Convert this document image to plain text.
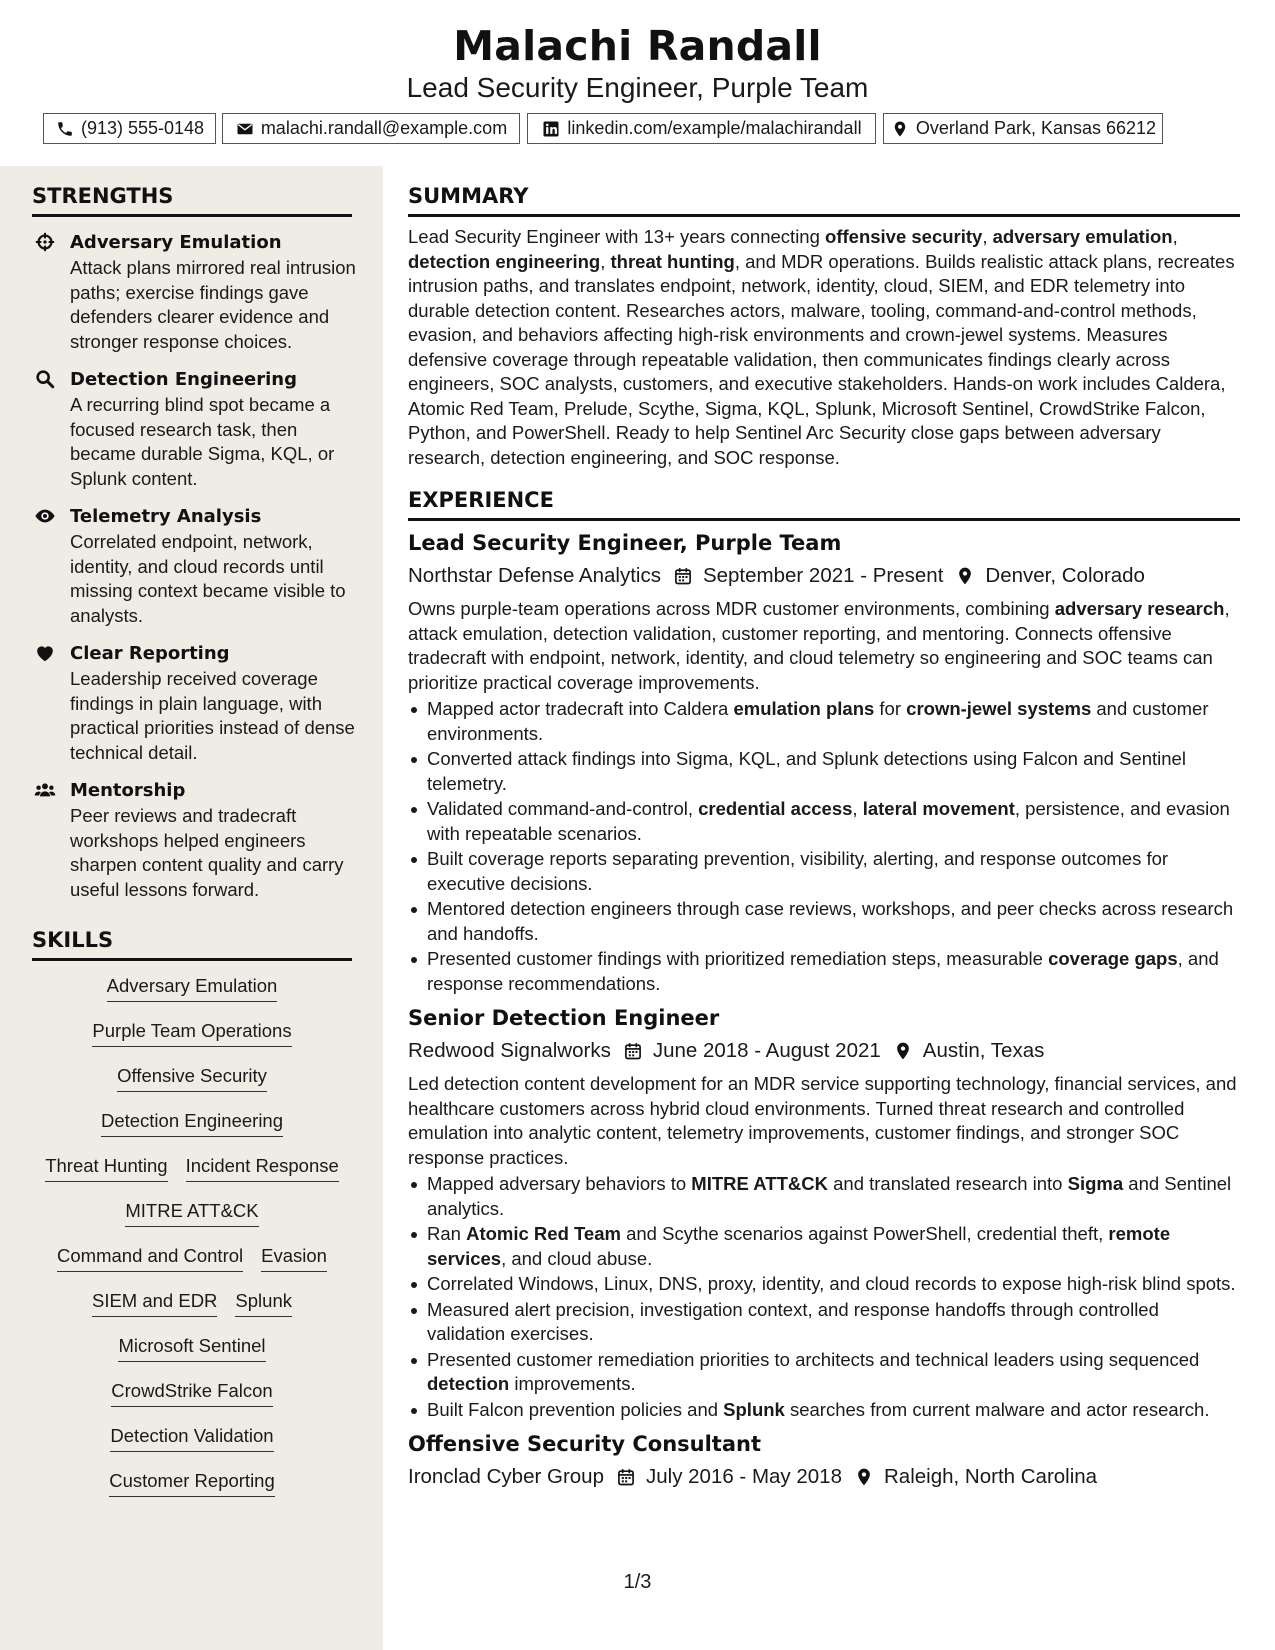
Malachi Randall
Lead Security Engineer, Purple Team
(913) 555-0148	malachi.randall@example.com	linkedin.com/example/malachirandall	Overland Park, Kansas 66212
STRENGTHS
Adversary Emulation
Attack plans mirrored real intrusion paths; exercise findings gave defenders clearer evidence and stronger response choices.
Detection Engineering
A recurring blind spot became a focused research task, then became durable Sigma, KQL, or Splunk content.
Telemetry Analysis
Correlated endpoint, network, identity, and cloud records until missing context became visible to analysts.
Clear Reporting
Leadership received coverage findings in plain language, with practical priorities instead of dense technical detail.
Mentorship
Peer reviews and tradecraft workshops helped engineers sharpen content quality and carry useful lessons forward.
SKILLS
Adversary Emulation
Purple Team Operations
Offensive Security
Detection Engineering
Threat Hunting Incident Response
MITRE ATT&CK
Command and Control Evasion
SIEM and EDR Splunk
Microsoft Sentinel
CrowdStrike Falcon
Detection Validation
Customer Reporting
SUMMARY
Lead Security Engineer with 13+ years connecting offensive security, adversary emulation, detection engineering, threat hunting, and MDR operations. Builds realistic attack plans, recreates intrusion paths, and translates endpoint, network, identity, cloud, SIEM, and EDR telemetry into durable detection content. Researches actors, malware, tooling, command-and-control methods, evasion, and behaviors affecting high-risk environments and crown-jewel systems. Measures defensive coverage through repeatable validation, then communicates findings clearly across engineers, SOC analysts, customers, and executive stakeholders. Hands-on work includes Caldera, Atomic Red Team, Prelude, Scythe, Sigma, KQL, Splunk, Microsoft Sentinel, CrowdStrike Falcon, Python, and PowerShell. Ready to help Sentinel Arc Security close gaps between adversary research, detection engineering, and SOC response.
EXPERIENCE
Lead Security Engineer, Purple Team
Northstar Defense Analytics September 2021 - Present Denver, Colorado
Owns purple-team operations across MDR customer environments, combining adversary research, attack emulation, detection validation, customer reporting, and mentoring. Connects offensive tradecraft with endpoint, network, identity, and cloud telemetry so engineering and SOC teams can prioritize practical coverage improvements.
Mapped actor tradecraft into Caldera emulation plans for crown-jewel systems and customer environments.
Converted attack findings into Sigma, KQL, and Splunk detections using Falcon and Sentinel telemetry.
Validated command-and-control, credential access, lateral movement, persistence, and evasion with repeatable scenarios.
Built coverage reports separating prevention, visibility, alerting, and response outcomes for executive decisions.
Mentored detection engineers through case reviews, workshops, and peer checks across research and handoffs.
Presented customer findings with prioritized remediation steps, measurable coverage gaps, and response recommendations.
Senior Detection Engineer
Redwood Signalworks June 2018 - August 2021 Austin, Texas
Led detection content development for an MDR service supporting technology, financial services, and healthcare customers across hybrid cloud environments. Turned threat research and controlled emulation into analytic content, telemetry improvements, customer findings, and stronger SOC response practices.
Mapped adversary behaviors to MITRE ATT&CK and translated research into Sigma and Sentinel analytics.
Ran Atomic Red Team and Scythe scenarios against PowerShell, credential theft, remote services, and cloud abuse.
Correlated Windows, Linux, DNS, proxy, identity, and cloud records to expose high-risk blind spots.
Measured alert precision, investigation context, and response handoffs through controlled validation exercises.
Presented customer remediation priorities to architects and technical leaders using sequenced detection improvements.
Built Falcon prevention policies and Splunk searches from current malware and actor research.
Offensive Security Consultant
Ironclad Cyber Group July 2016 - May 2018 Raleigh, North Carolina
1/3
